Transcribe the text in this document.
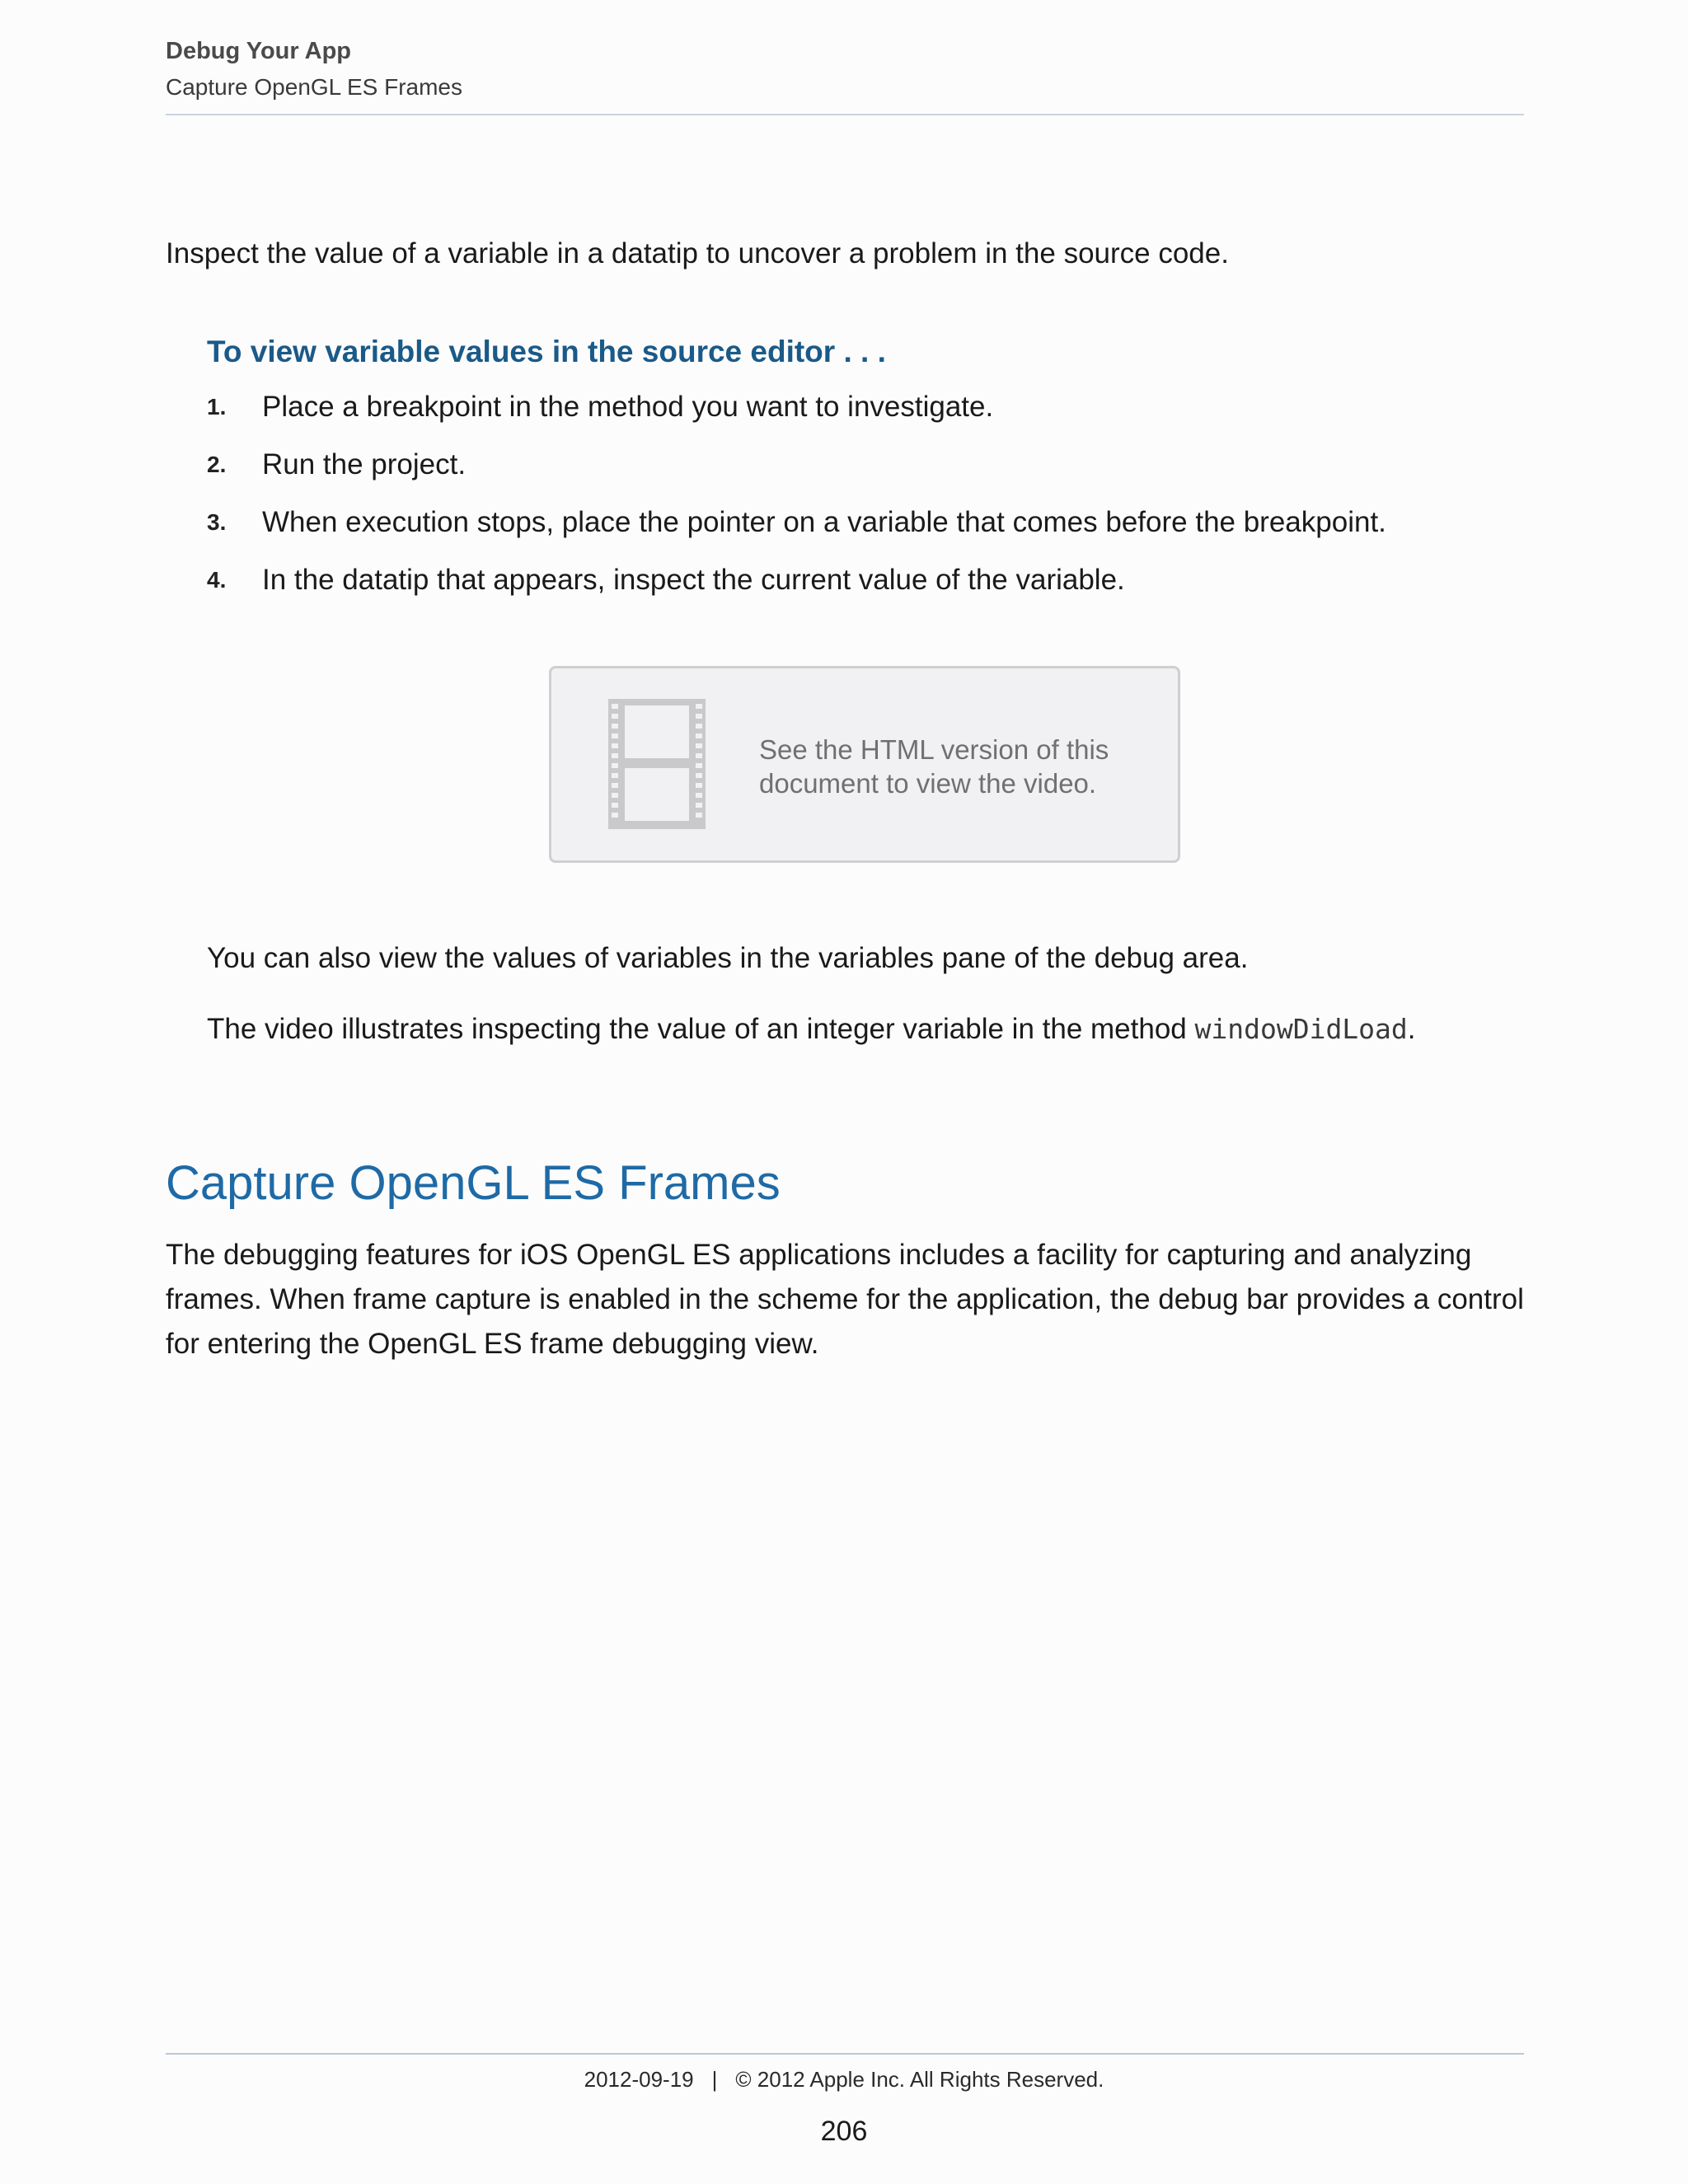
Debug Your App
Capture OpenGL ES Frames
Inspect the value of a variable in a datatip to uncover a problem in the source code.
To view variable values in the source editor . . .
1. Place a breakpoint in the method you want to investigate.
2. Run the project.
3. When execution stops, place the pointer on a variable that comes before the breakpoint.
4. In the datatip that appears, inspect the current value of the variable.
See the HTML version of this
document to view the video.
You can also view the values of variables in the variables pane of the debug area.
The video illustrates inspecting the value of an integer variable in the method windowDidLoad.
Capture OpenGL ES Frames
The debugging features for iOS OpenGL ES applications includes a facility for capturing and analyzing frames. When frame capture is enabled in the scheme for the application, the debug bar provides a control for entering the OpenGL ES frame debugging view.
2012-09-19 | © 2012 Apple Inc. All Rights Reserved.
206
